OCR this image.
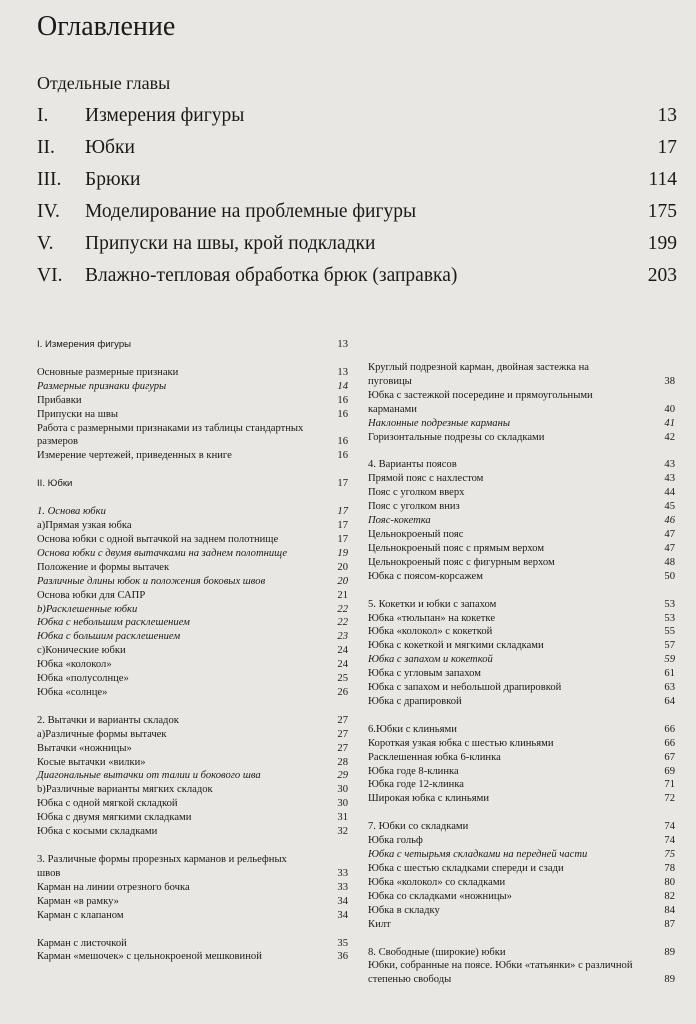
Оглавление
Отдельные главы
I. Измерения фигуры	13
II. Юбки	17
III. Брюки	114
IV. Моделирование на проблемные фигуры	175
V. Припуски на швы, крой подкладки	199
VI. Влажно-тепловая обработка брюк (заправка)	203
I. Измерения фигуры	13
Основные размерные признаки	13
Размерные признаки фигуры	14
Прибавки	16
Припуски на швы	16
Работа с размерными признаками из таблицы стандартных размеров	16
Измерение чертежей, приведенных в книге	16
II. Юбки	17
1. Основа юбки	17
а)Прямая узкая юбка	17
Основа юбки с одной вытачкой на заднем полотнище	17
Основа юбки с двумя вытачками на заднем полотнище	19
Положение и формы вытачек	20
Различные длины юбок и положения боковых швов	20
Основа юбки для САПР	21
b)Расклешенные юбки	22
Юбка с небольшим расклешением	22
Юбка с большим расклешением	23
с)Конические юбки	24
Юбка «колокол»	24
Юбка «полусолнце»	25
Юбка «солнце»	26
2. Вытачки и варианты складок	27
а)Различные формы вытачек	27
Вытачки «ножницы»	27
Косые вытачки «вилки»	28
Диагональные вытачки от талии и бокового шва	29
b)Различные варианты мягких складок	30
Юбка с одной мягкой складкой	30
Юбка с двумя мягкими складками	31
Юбка с косыми складками	32
3. Различные формы прорезных карманов и рельефных швов	33
Карман на линии отрезного бочка	33
Карман «в рамку»	34
Карман с клапаном	34
Карман с листочкой	35
Карман «мешочек» с цельнокроеной мешковиной	36
Круглый подрезной карман, двойная застежка на пуговицы	38
Юбка с застежкой посередине и прямоугольными карманами	40
Наклонные подрезные карманы	41
Горизонтальные подрезы со складками	42
4. Варианты поясов	43
Прямой пояс с нахлестом	43
Пояс с уголком вверх	44
Пояс с уголком вниз	45
Пояс-кокетка	46
Цельнокроеный пояс	47
Цельнокроеный пояс с прямым верхом	47
Цельнокроеный пояс с фигурным верхом	48
Юбка с поясом-корсажем	50
5. Кокетки и юбки с запахом	53
Юбка «тюльпан» на кокетке	53
Юбка «колокол» с кокеткой	55
Юбка с кокеткой и мягкими складками	57
Юбка с запахом и кокеткой	59
Юбка с угловым запахом	61
Юбка с запахом и небольшой драпировкой	63
Юбка с драпировкой	64
6.Юбки с клиньями	66
Короткая узкая юбка с шестью клиньями	66
Расклешенная юбка 6-клинка	67
Юбка годе 8-клинка	69
Юбка годе 12-клинка	71
Широкая юбка с клиньями	72
7. Юбки со складками	74
Юбка гольф	74
Юбка с четырьмя складками на передней части	75
Юбка с шестью складками спереди и сзади	78
Юбка «колокол» со складками	80
Юбка со складками «ножницы»	82
Юбка в складку	84
Килт	87
8. Свободные (широкие) юбки	89
Юбки, собранные на поясе. Юбки «татьянки» с различной степенью свободы	89
